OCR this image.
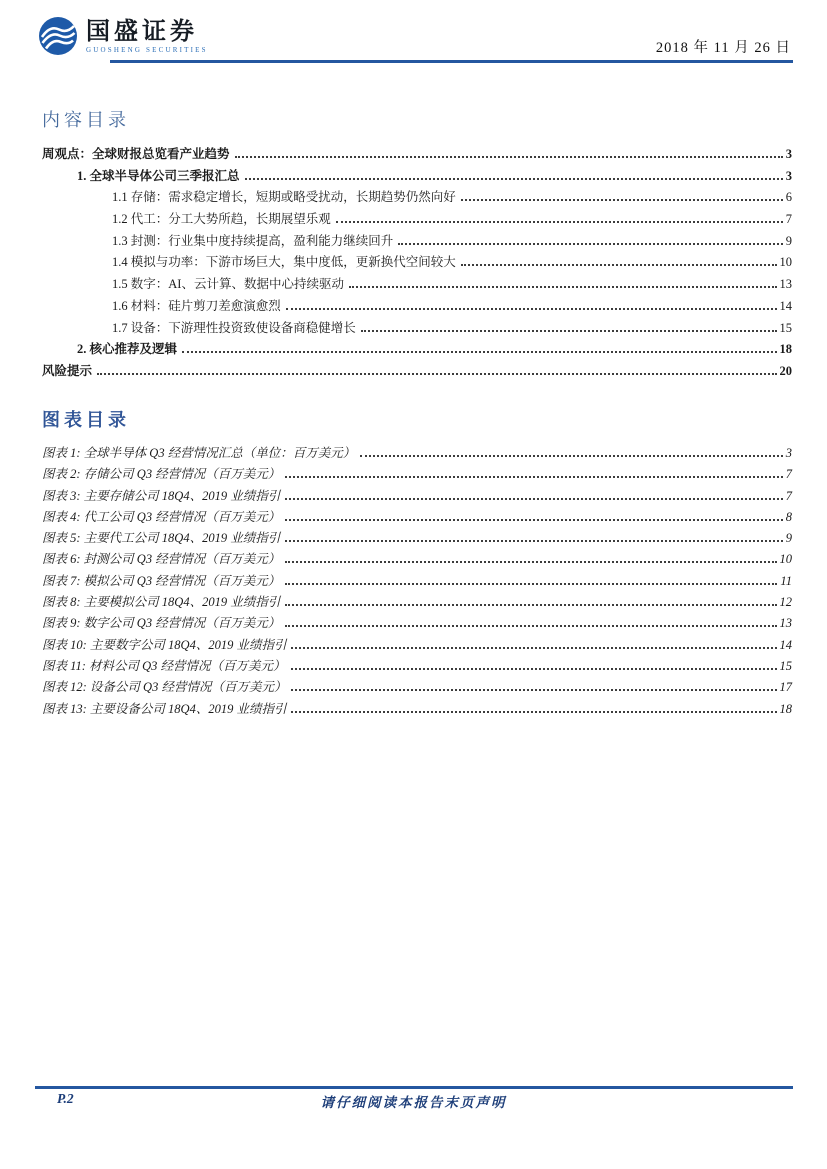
国盛证券
GUOSHENG SECURITIES	2018 年 11 月 26 日
内容目录
周观点：全球财报总览看产业趋势	3
1. 全球半导体公司三季报汇总	3
1.1 存储：需求稳定增长，短期或略受扰动，长期趋势仍然向好	6
1.2 代工：分工大势所趋，长期展望乐观	7
1.3 封测：行业集中度持续提高，盈利能力继续回升	9
1.4 模拟与功率：下游市场巨大，集中度低，更新换代空间较大	10
1.5 数字：AI、云计算、数据中心持续驱动	13
1.6 材料：硅片剪刀差愈演愈烈	14
1.7 设备：下游理性投资致使设备商稳健增长	15
2. 核心推荐及逻辑	18
风险提示	20
图表目录
图表 1: 全球半导体 Q3 经营情况汇总（单位：百万美元）	3
图表 2: 存储公司 Q3 经营情况（百万美元）	7
图表 3: 主要存储公司 18Q4、2019 业绩指引	7
图表 4: 代工公司 Q3 经营情况（百万美元）	8
图表 5: 主要代工公司 18Q4、2019 业绩指引	9
图表 6: 封测公司 Q3 经营情况（百万美元）	10
图表 7: 模拟公司 Q3 经营情况（百万美元）	11
图表 8: 主要模拟公司 18Q4、2019 业绩指引	12
图表 9: 数字公司 Q3 经营情况（百万美元）	13
图表 10: 主要数字公司 18Q4、2019 业绩指引	14
图表 11: 材料公司 Q3 经营情况（百万美元）	15
图表 12: 设备公司 Q3 经营情况（百万美元）	17
图表 13: 主要设备公司 18Q4、2019 业绩指引	18
请仔细阅读本报告末页声明
P.2
